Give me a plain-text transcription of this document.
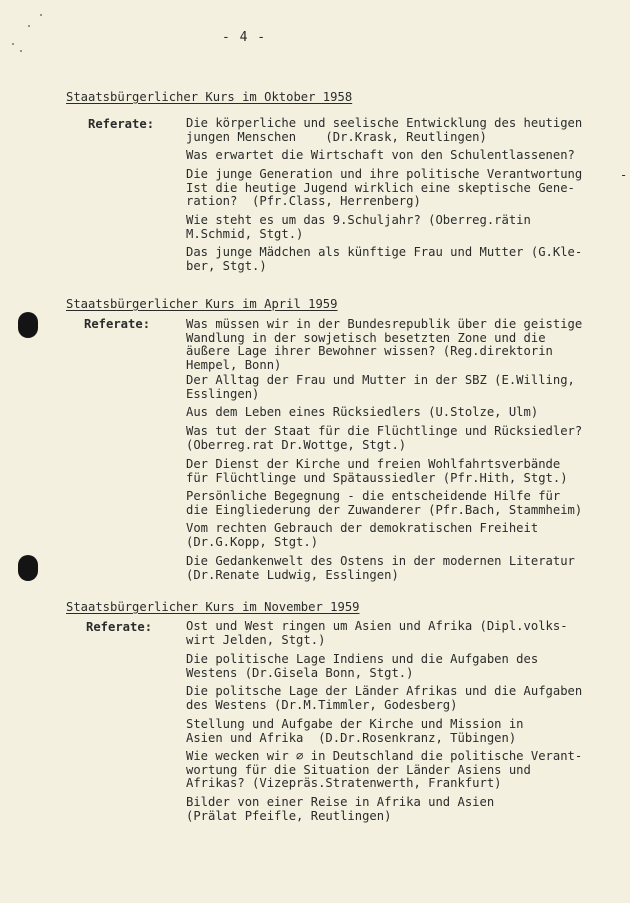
- 4 -
Staatsbürgerlicher Kurs im Oktober 1958
Referate:	Die körperliche und seelische Entwicklung des heutigen
jungen Menschen    (Dr.Krask, Reutlingen)
Was erwartet die Wirtschaft von den Schulentlassenen?
Die junge Generation und ihre politische Verantwortung
Ist die heutige Jugend wirklich eine skeptische Gene-
ration?  (Pfr.Class, Herrenberg)
-
Wie steht es um das 9.Schuljahr? (Oberreg.rätin
M.Schmid, Stgt.)
Das junge Mädchen als künftige Frau und Mutter (G.Kle-
ber, Stgt.)
Staatsbürgerlicher Kurs im April 1959
Referate:	Was müssen wir in der Bundesrepublik über die geistige
Wandlung in der sowjetisch besetzten Zone und die
äußere Lage ihrer Bewohner wissen? (Reg.direktorin
Hempel, Bonn)
Der Alltag der Frau und Mutter in der SBZ (E.Willing,
Esslingen)
Aus dem Leben eines Rücksiedlers (U.Stolze, Ulm)
Was tut der Staat für die Flüchtlinge und Rücksiedler?
(Oberreg.rat Dr.Wottge, Stgt.)
Der Dienst der Kirche und freien Wohlfahrtsverbände
für Flüchtlinge und Spätaussiedler (Pfr.Hith, Stgt.)
Persönliche Begegnung - die entscheidende Hilfe für
die Eingliederung der Zuwanderer (Pfr.Bach, Stammheim)
Vom rechten Gebrauch der demokratischen Freiheit
(Dr.G.Kopp, Stgt.)
Die Gedankenwelt des Ostens in der modernen Literatur
(Dr.Renate Ludwig, Esslingen)
Staatsbürgerlicher Kurs im November 1959
Referate:	Ost und West ringen um Asien und Afrika (Dipl.volks-
wirt Jelden, Stgt.)
Die politische Lage Indiens und die Aufgaben des
Westens (Dr.Gisela Bonn, Stgt.)
Die politsche Lage der Länder Afrikas und die Aufgaben
des Westens (Dr.M.Timmler, Godesberg)
Stellung und Aufgabe der Kirche und Mission in
Asien und Afrika  (D.Dr.Rosenkranz, Tübingen)
Wie wecken wir ∅ in Deutschland die politische Verant-
wortung für die Situation der Länder Asiens und
Afrikas? (Vizepräs.Stratenwerth, Frankfurt)
Bilder von einer Reise in Afrika und Asien
(Prälat Pfeifle, Reutlingen)
